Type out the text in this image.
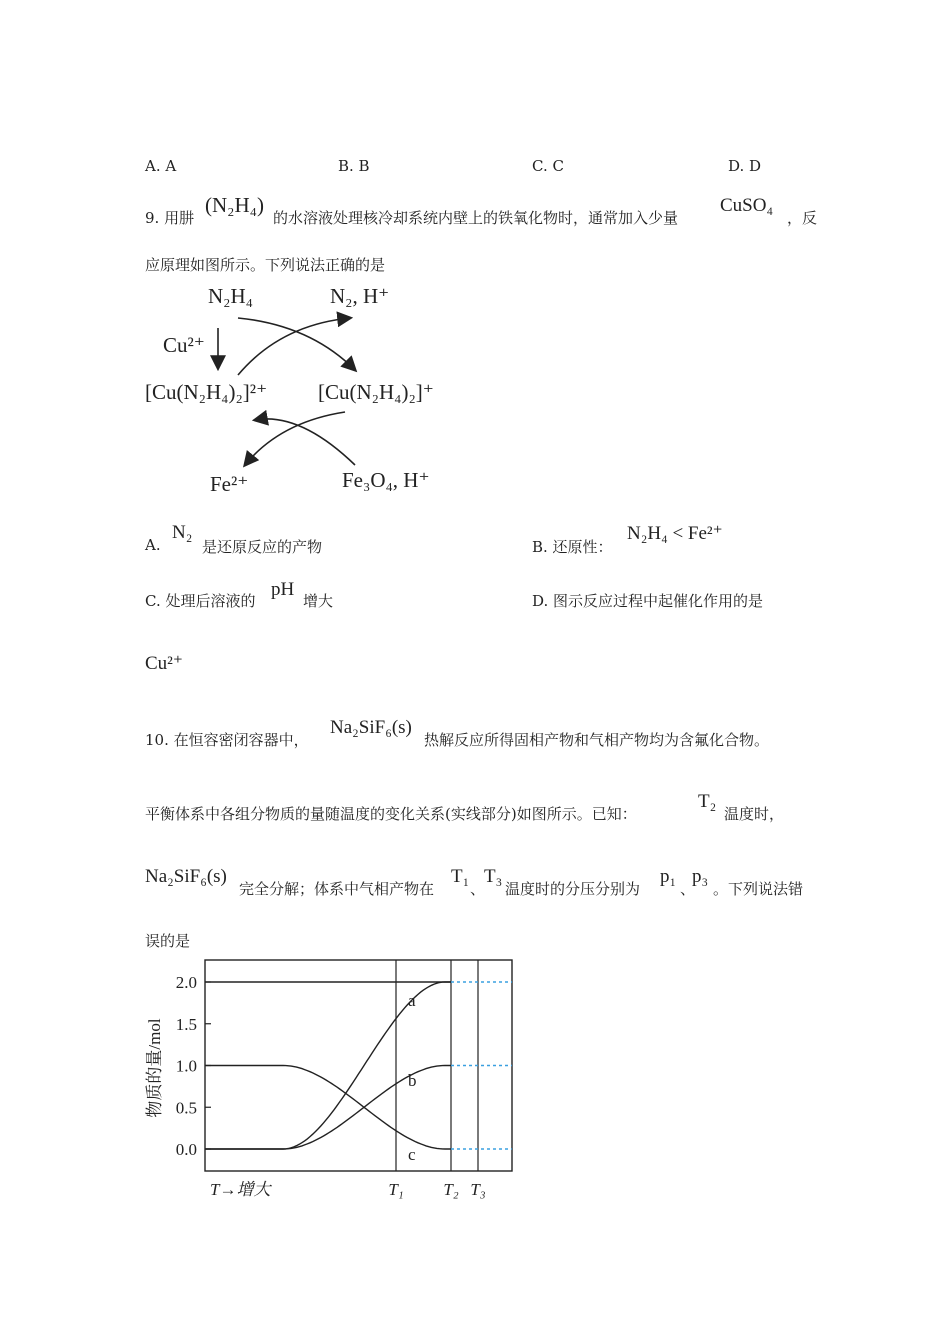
A. A	B. B	C. C	D. D
9. 用肼
(N₂H₄)
的水溶液处理核冷却系统内壁上的铁氧化物时，通常加入少量
CuSO₄
，反
应原理如图所示。下列说法正确的是
N₂H₄	N₂, H⁺
Cu²⁺
[Cu(N₂H₄)₂]²⁺ [Cu(N₂H₄)₂]⁺
Fe²⁺	Fe₃O₄, H⁺
A.
N₂
是还原反应的产物	B. 还原性：
N₂H₄ < Fe²⁺
C. 处理后溶液的
pH
增大	D. 图示反应过程中起催化作用的是
Cu²⁺
10. 在恒容密闭容器中，
Na₂SiF₆(s)
热解反应所得固相产物和气相产物均为含氟化合物。
平衡体系中各组分物质的量随温度的变化关系(实线部分)如图所示。已知：
T₂
温度时，
Na₂SiF₆(s)
完全分解；体系中气相产物在
T₁
、
T₃
温度时的分压分别为
p₁
、
p₃
。下列说法错
误的是
2.0
1.5
1.0
0.5
0.0
T₁ T₂ T₃
a
b
c
物质的量/mol
T→增大
